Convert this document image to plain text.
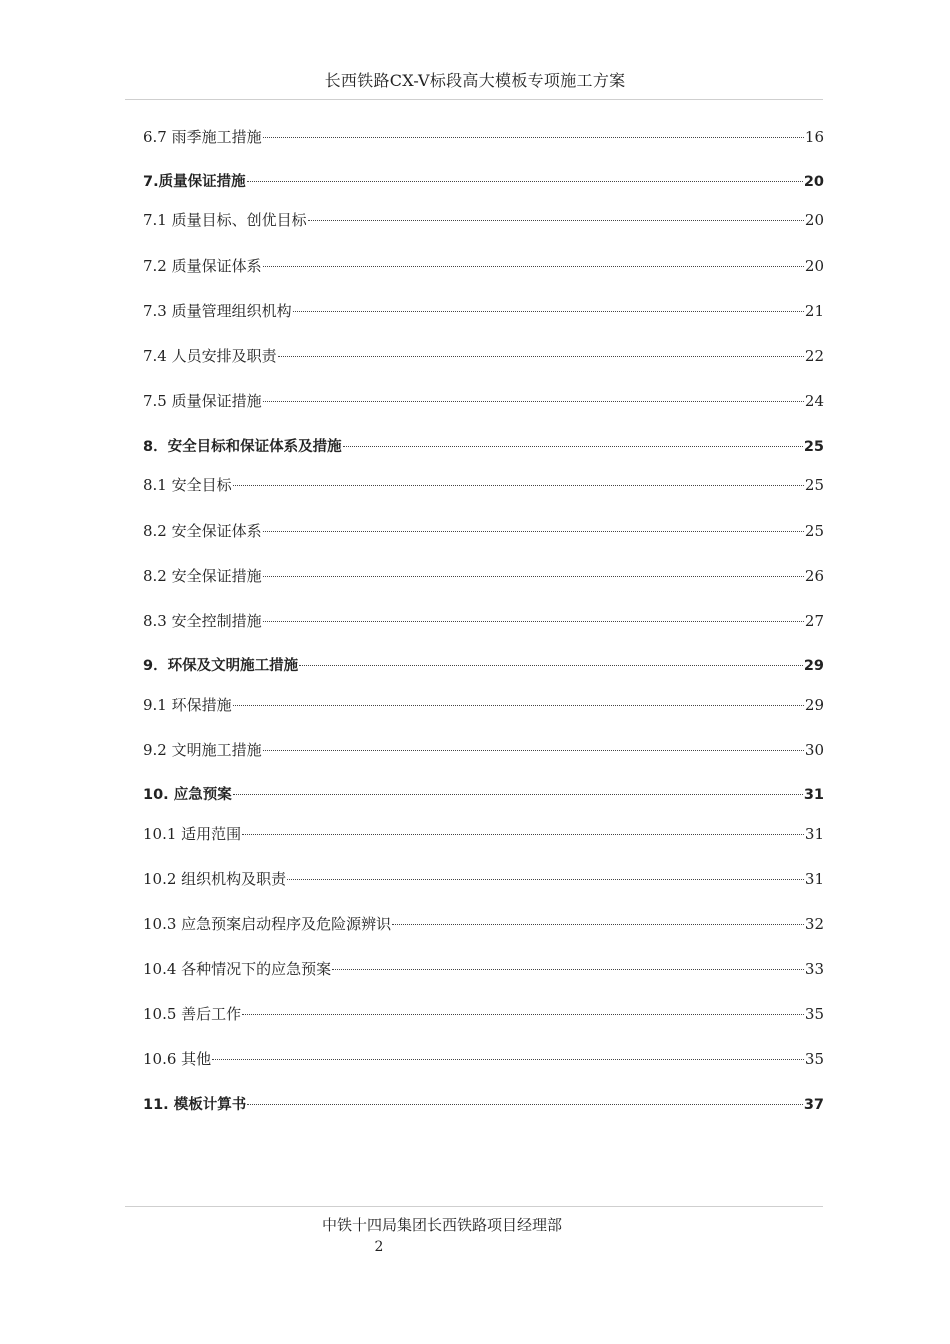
长西铁路CX-V标段高大模板专项施工方案
6.7 雨季施工措施	16
7.质量保证措施	20
7.1 质量目标、创优目标	20
7.2 质量保证体系	20
7.3 质量管理组织机构	21
7.4 人员安排及职责	22
7.5 质量保证措施	24
8．安全目标和保证体系及措施	25
8.1 安全目标	25
8.2 安全保证体系	25
8.2 安全保证措施	26
8.3 安全控制措施	27
9．环保及文明施工措施	29
9.1 环保措施	29
9.2 文明施工措施	30
10. 应急预案	31
10.1 适用范围	31
10.2 组织机构及职责	31
10.3 应急预案启动程序及危险源辨识	32
10.4 各种情况下的应急预案	33
10.5 善后工作	35
10.6 其他	35
11. 模板计算书	37
中铁十四局集团长西铁路项目经理部
2
